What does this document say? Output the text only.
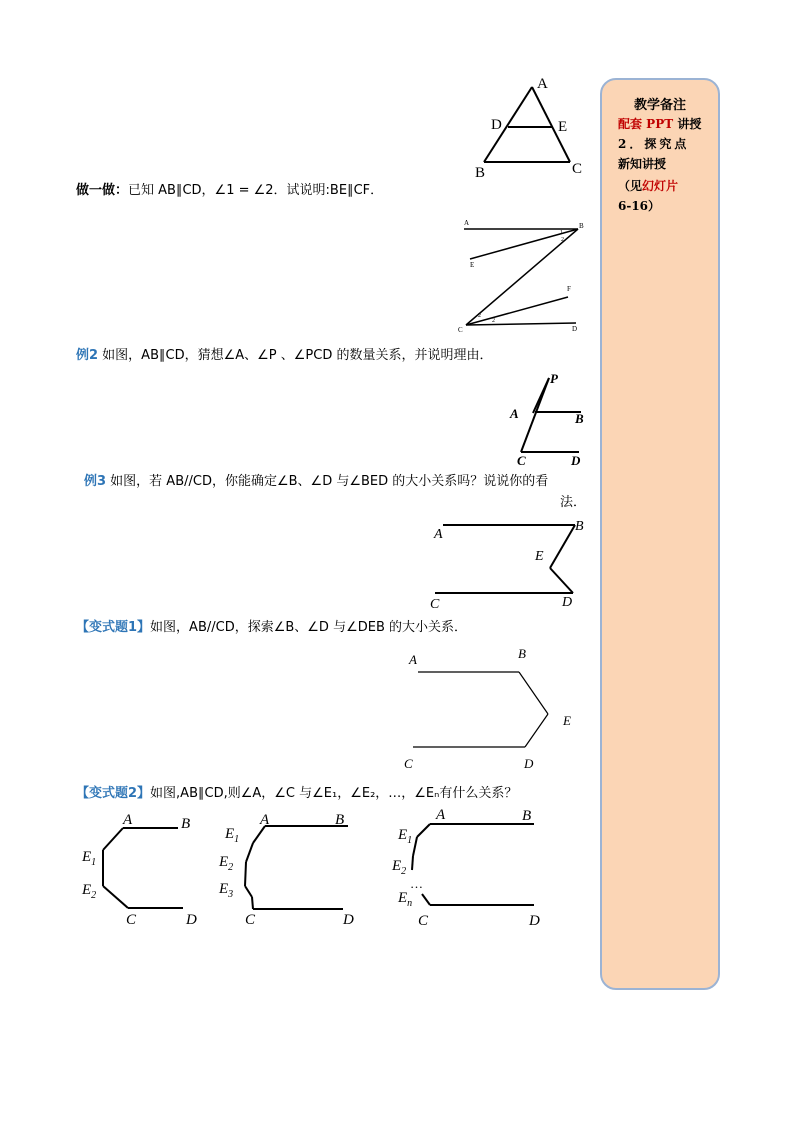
做一做：已知 AB∥CD，∠1 = ∠2．试说明:BE∥CF．
例2 如图，AB∥CD，猜想∠A、∠P 、∠PCD 的数量关系，并说明理由．
例3 如图，若 AB//CD，你能确定∠B、∠D 与∠BED 的大小关系吗？说说你的看
法．
【变式题1】如图，AB//CD，探索∠B、∠D 与∠DEB 的大小关系．
【变式题2】如图,AB∥CD,则∠A，∠C 与∠E₁，∠E₂，…，∠Eₙ有什么关系？
A
D	E
B	C
A	B
1
2
E
F
2
2
C	D
P
A	B
C	D
A
B
E
C	D
A	B
E
C	D
A	B
$E_1$
$E_2$
C	D
A	B
$E_1$
$E_2$
$E_3$
C	D
A	B
$E_1$
$E_2$
…
$E_n$
C	D
教学备注
配套 PPT 讲授
2．探究点
新知讲授
（见幻灯片
6-16）
